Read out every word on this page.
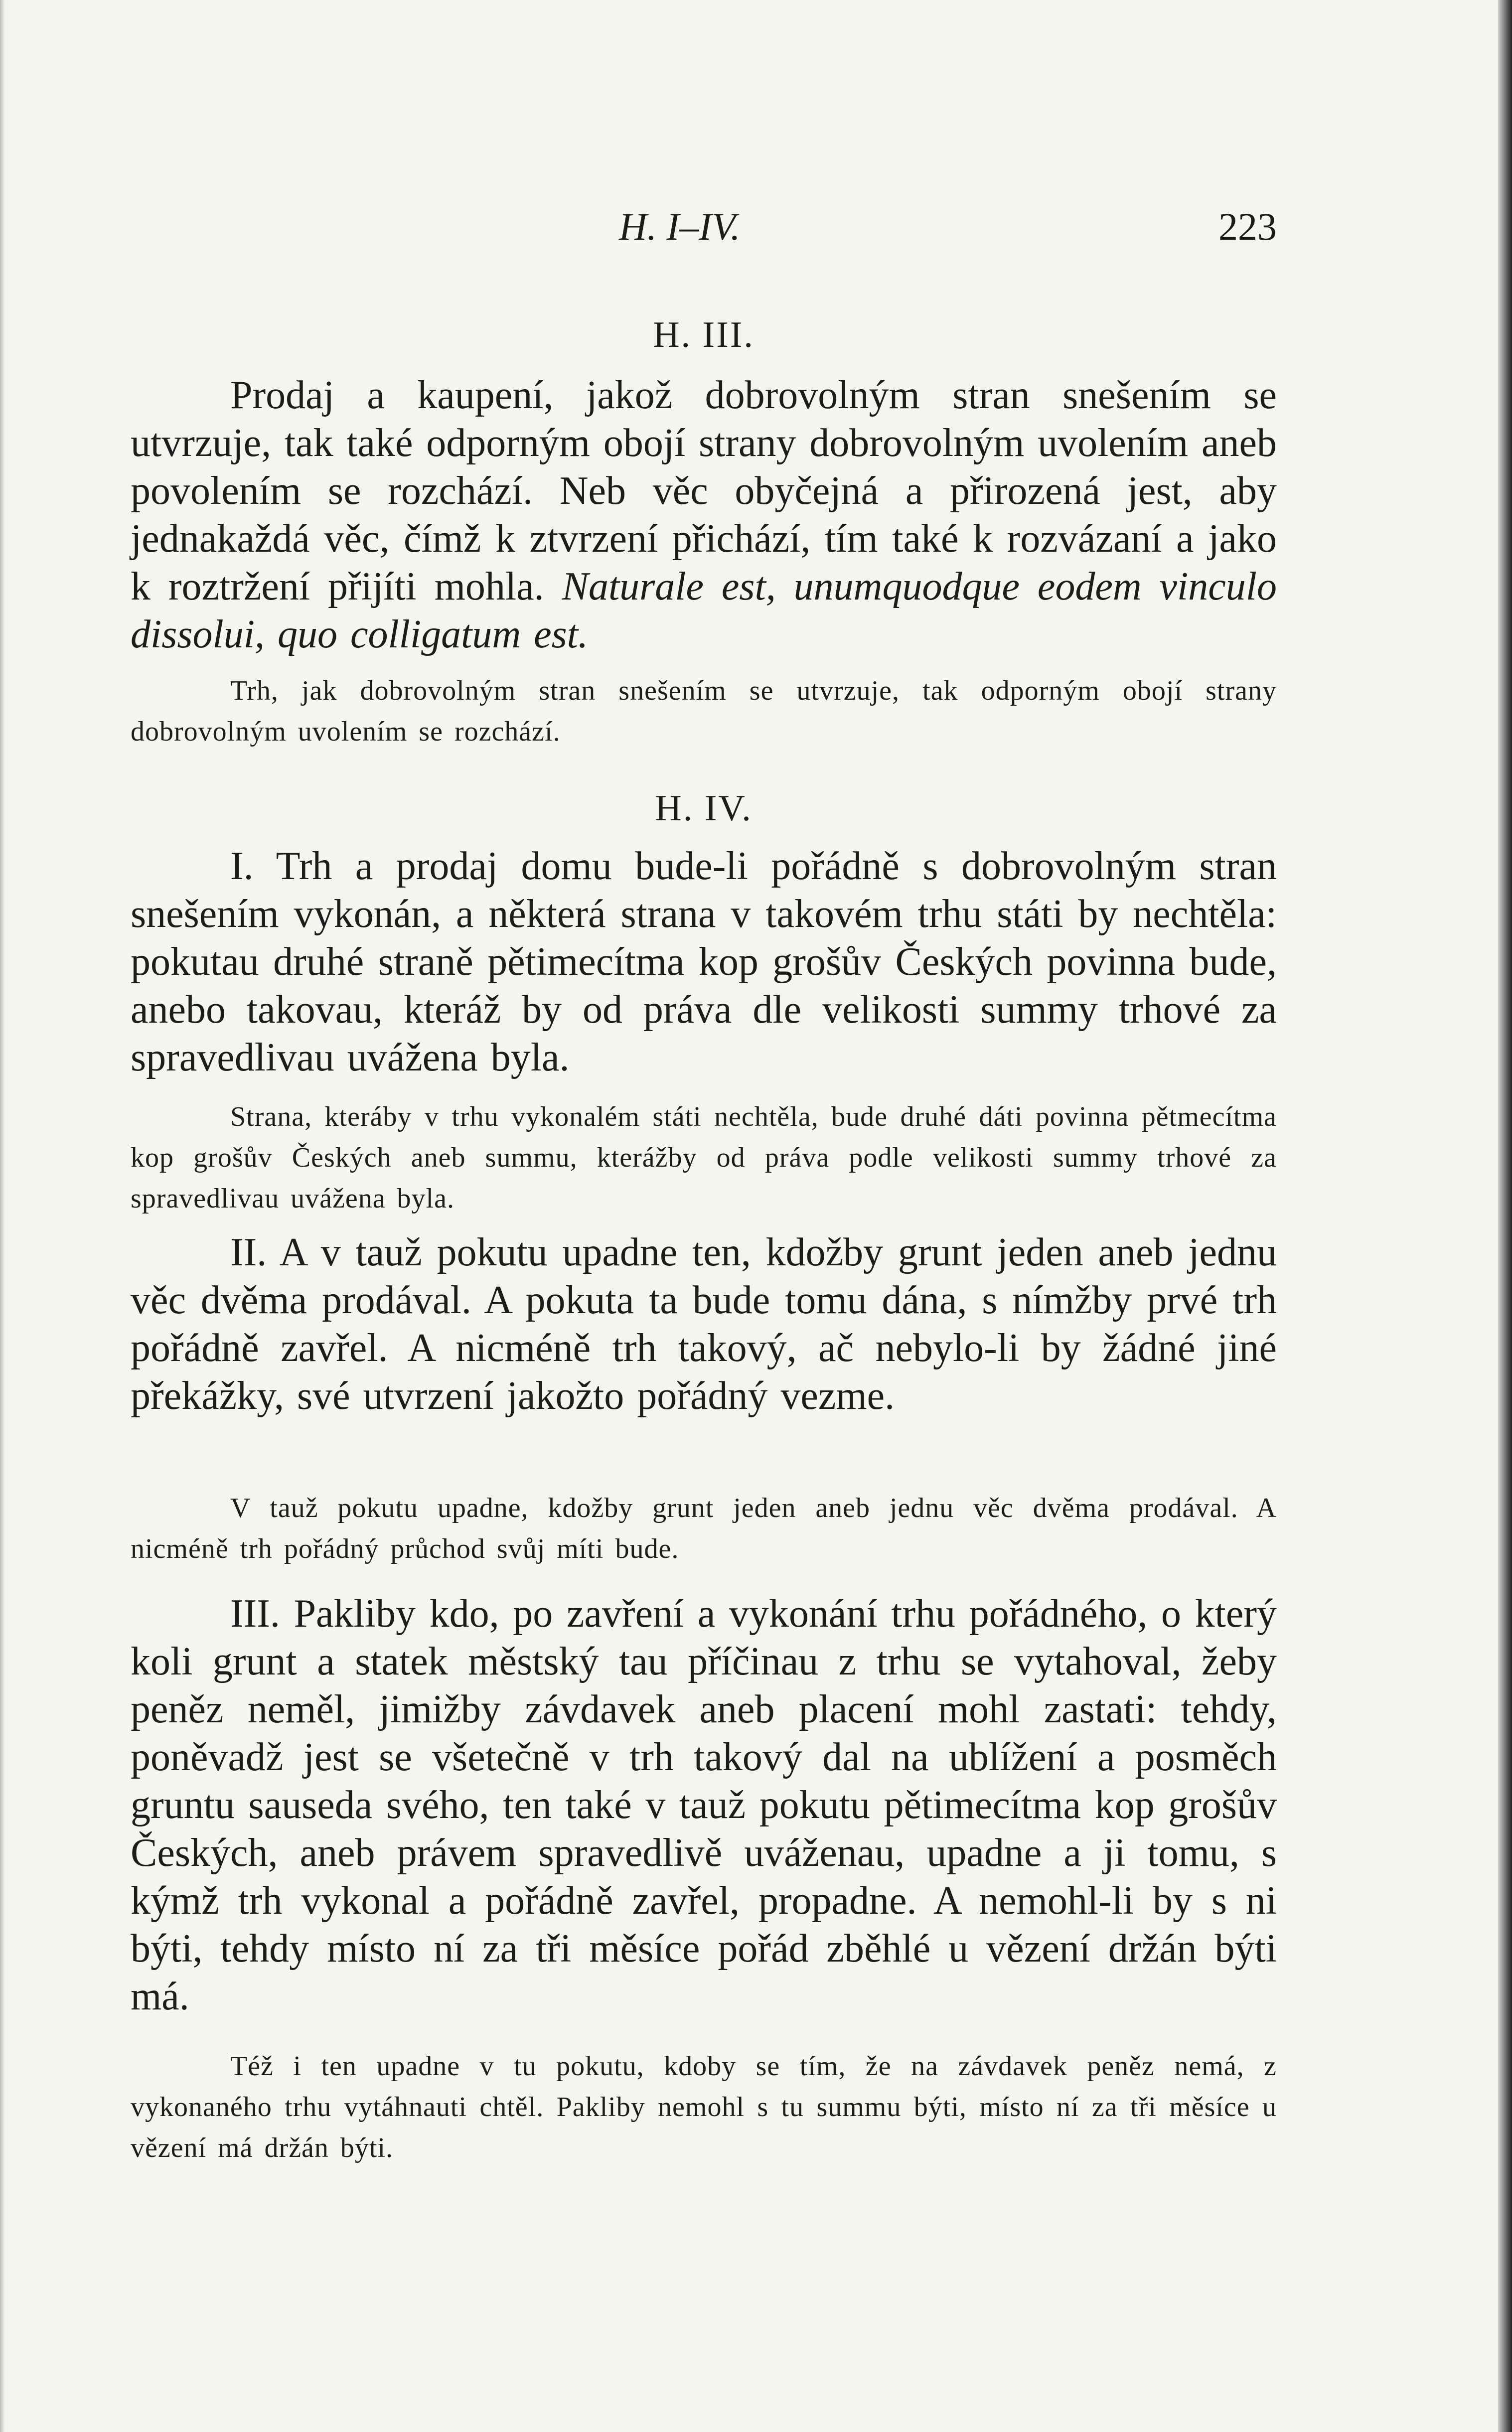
H. I–IV.	223
H. III.

Prodaj a kaupení, jakož dobrovolným stran snešením se utvrzuje, tak také odporným obojí strany dobrovolným uvolením aneb povolením se rozchází. Neb věc obyčejná a přirozená jest, aby jednakaždá věc, čímž k ztvrzení přichází, tím také k rozvázaní a jako k roztržení přijíti mohla. Naturale est, unumquodque eodem vinculo dissolui, quo colligatum est.

Trh, jak dobrovolným stran snešením se utvrzuje, tak odporným obojí strany dobrovolným uvolením se rozchází.

H. IV.

I. Trh a prodaj domu bude-li pořádně s dobrovolným stran snešením vykonán, a některá strana v takovém trhu státi by nechtěla: pokutau druhé straně pětimecítma kop grošův Českých povinna bude, anebo takovau, kteráž by od práva dle velikosti summy trhové za spravedlivau uvážena byla.

Strana, kteráby v trhu vykonalém státi nechtěla, bude druhé dáti povinna pětmecítma kop grošův Českých aneb summu, kterážby od práva podle velikosti summy trhové za spravedlivau uvážena byla.

II. A v tauž pokutu upadne ten, kdožby grunt jeden aneb jednu věc dvěma prodával. A pokuta ta bude tomu dána, s nímžby prvé trh pořádně zavřel. A nicméně trh takový, ač nebylo-li by žádné jiné překážky, své utvrzení jakožto pořádný vezme.

V tauž pokutu upadne, kdožby grunt jeden aneb jednu věc dvěma prodával. A nicméně trh pořádný průchod svůj míti bude.

III. Pakliby kdo, po zavření a vykonání trhu pořádného, o který koli grunt a statek městský tau příčinau z trhu se vytahoval, žeby peněz neměl, jimižby závdavek aneb placení mohl zastati: tehdy, poněvadž jest se všetečně v trh takový dal na ublížení a posměch gruntu sauseda svého, ten také v tauž pokutu pětimecítma kop grošův Českých, aneb právem spravedlivě uváženau, upadne a ji tomu, s kýmž trh vykonal a pořádně zavřel, propadne. A nemohl-li by s ni býti, tehdy místo ní za tři měsíce pořád zběhlé u vězení držán býti má.

Též i ten upadne v tu pokutu, kdoby se tím, že na závdavek peněz nemá, z vykonaného trhu vytáhnauti chtěl. Pakliby nemohl s tu summu býti, místo ní za tři měsíce u vězení má držán býti.
